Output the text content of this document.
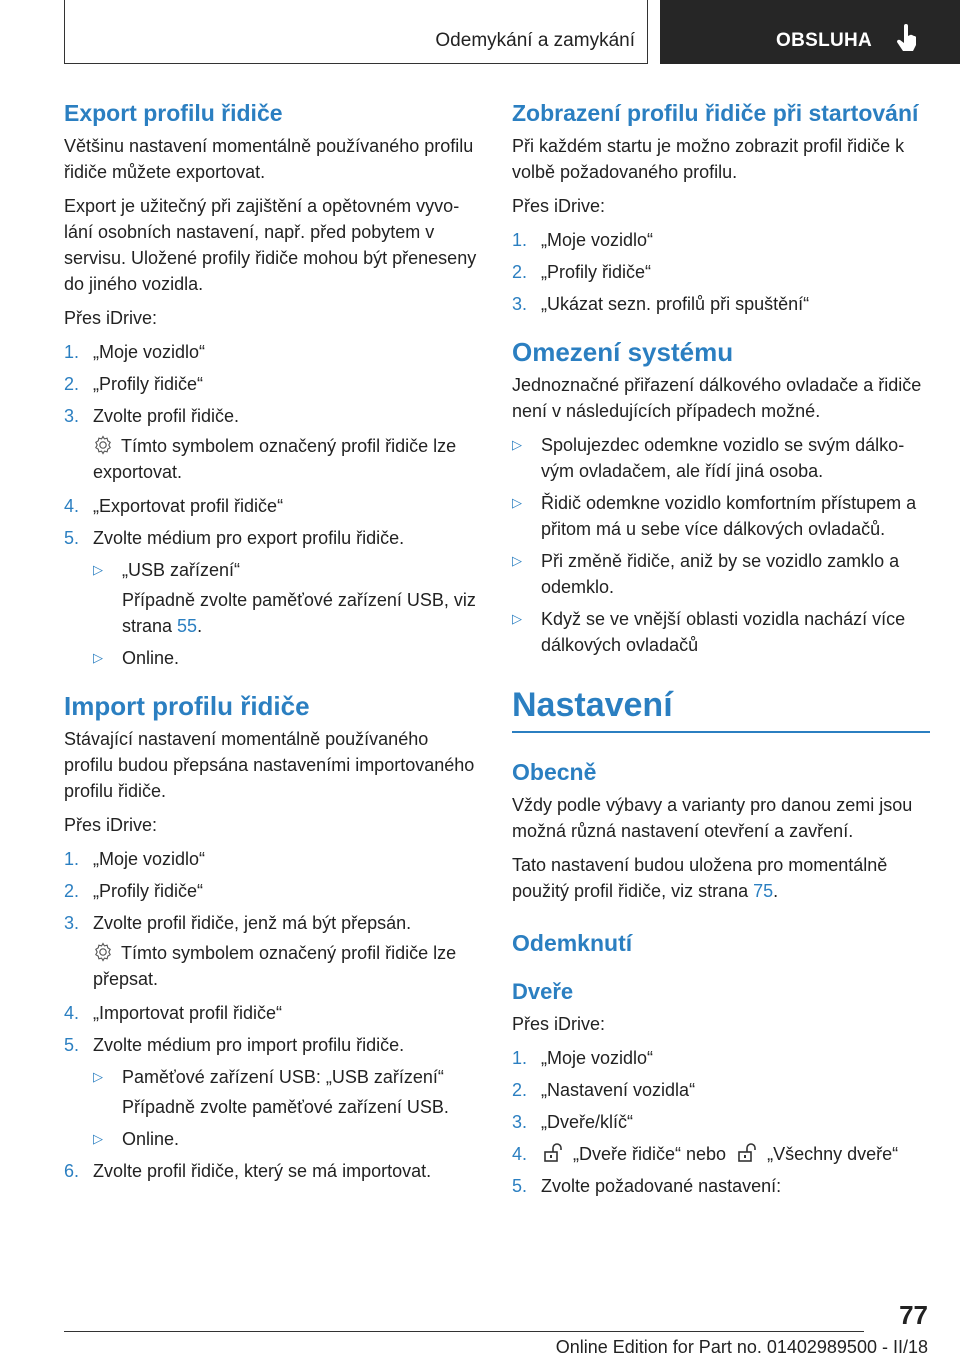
Odemykání a zamykání	OBSLUHA
Export profilu řidiče

Většinu nastavení momentálně používaného profilu řidiče můžete exportovat.

Export je užitečný při zajištění a opětovném vyvolání osobních nastavení, např. před pobytem v servisu. Uložené profily řidiče mohou být přeneseny do jiného vozidla.

Přes iDrive:

1. „Moje vozidlo“
2. „Profily řidiče“
3. Zvolte profil řidiče.
Tímto symbolem označený profil řidiče lze exportovat.
4. „Exportovat profil řidiče“
5. Zvolte médium pro export profilu řidiče.
▷ „USB zařízení“
Případně zvolte paměťové zařízení USB, viz strana 55.
▷ Online.
Import profilu řidiče

Stávající nastavení momentálně používaného profilu budou přepsána nastaveními importovaného profilu řidiče.

Přes iDrive:

1. „Moje vozidlo“
2. „Profily řidiče“
3. Zvolte profil řidiče, jenž má být přepsán.
Tímto symbolem označený profil řidiče lze přepsat.
4. „Importovat profil řidiče“
5. Zvolte médium pro import profilu řidiče.
▷ Paměťové zařízení USB: „USB zařízení“
Případně zvolte paměťové zařízení USB.
▷ Online.
6. Zvolte profil řidiče, který se má importovat.
Zobrazení profilu řidiče při startování

Při každém startu je možno zobrazit profil řidiče k volbě požadovaného profilu.

Přes iDrive:

1. „Moje vozidlo“
2. „Profily řidiče“
3. „Ukázat sezn. profilů při spuštění“
Omezení systému

Jednoznačné přiřazení dálkového ovladače a řidiče není v následujících případech možné.

▷ Spolujezdec odemkne vozidlo se svým dálkovým ovladačem, ale řídí jiná osoba.
▷ Řidič odemkne vozidlo komfortním přístupem a přitom má u sebe více dálkových ovladačů.
▷ Při změně řidiče, aniž by se vozidlo zamklo a odemklo.
▷ Když se ve vnější oblasti vozidla nachází více dálkových ovladačů
Nastavení
Obecně

Vždy podle výbavy a varianty pro danou zemi jsou možná různá nastavení otevření a zavření.

Tato nastavení budou uložena pro momentálně použitý profil řidiče, viz strana 75.

Odemknutí
Dveře

Přes iDrive:

1. „Moje vozidlo“
2. „Nastavení vozidla“
3. „Dveře/klíč“
4.	„Dveře řidiče“ nebo „Všechny dveře“
5. Zvolte požadované nastavení:
77
Online Edition for Part no. 01402989500 - II/18
